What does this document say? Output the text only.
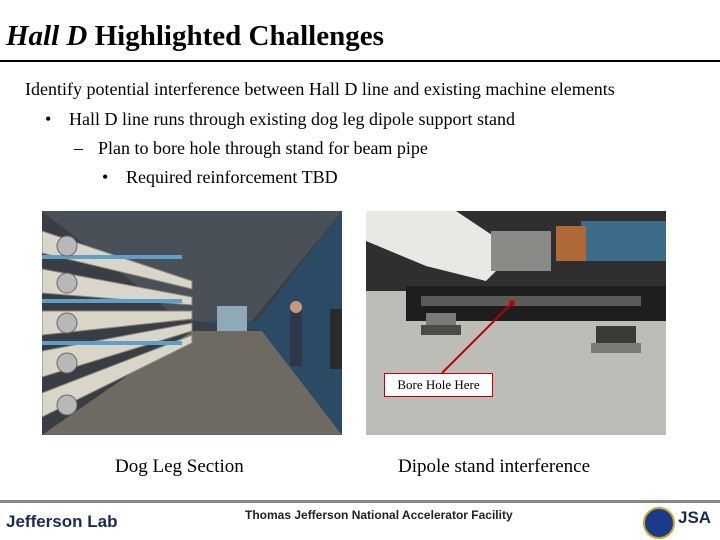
Hall D Highlighted Challenges
Identify potential interference between Hall D line and existing machine elements
• Hall D line runs through existing dog leg dipole support stand
– Plan to bore hole through stand for beam pipe
• Required reinforcement TBD
Bore Hole Here
Dog Leg Section	Dipole stand interference
Jefferson Lab	Thomas Jefferson National Accelerator Facility	JSA
